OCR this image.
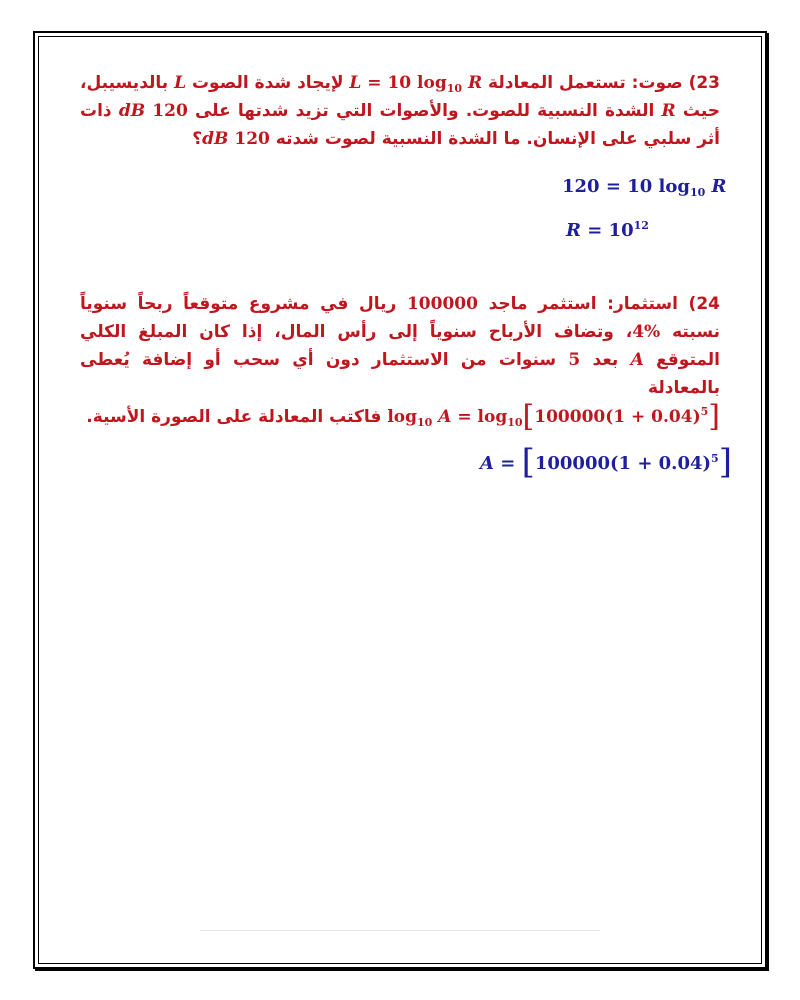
23) صوت: تستعمل المعادلة L = 10 $\log_{10} R$ لإيجاد شدة الصوت L بالديسيبل، حيث R الشدة النسبية للصوت. والأصوات التي تزيد شدتها على 120 dB ذات أثر سلبي على الإنسان. ما الشدة النسبية لصوت شدته 120 dB؟
120 = 10 $\log_{10} R$
$R = 10^{12}$
24) استثمار: استثمر ماجد 100000 ريال في مشروع متوقعاً ربحاً سنوياً نسبته 4%، وتضاف الأرباح سنوياً إلى رأس المال، إذا كان المبلغ الكلي المتوقع A بعد 5 سنوات من الاستثمار دون أي سحب أو إضافة يُعطى بالمعادلة
$\log_{10} A = \log_{10}[100000(1 + 0.04)^5]$ فاكتب المعادلة على الصورة الأسية.
$A = [100000(1 + 0.04)^5]$
